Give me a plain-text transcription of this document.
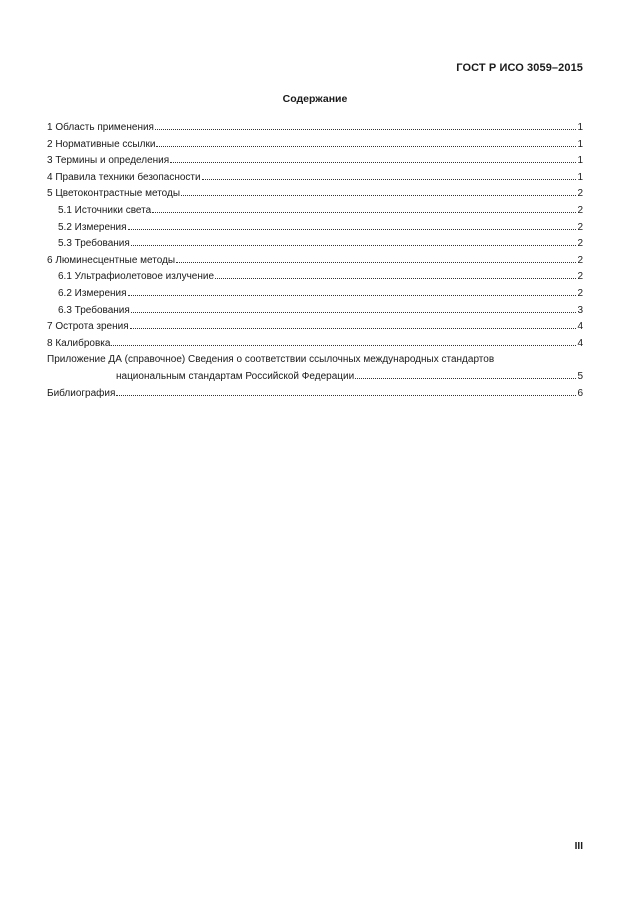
ГОСТ Р ИСО 3059–2015
Содержание
1 Область применения	1
2 Нормативные ссылки	1
3 Термины и определения	1
4 Правила техники безопасности	1
5 Цветоконтрастные методы	2
5.1 Источники света	2
5.2 Измерения	2
5.3 Требования	2
6 Люминесцентные методы	2
6.1 Ультрафиолетовое излучение	2
6.2 Измерения	2
6.3 Требования	3
7 Острота зрения	4
8 Калибровка	4
Приложение ДА (справочное) Сведения о соответствии ссылочных международных стандартов
национальным стандартам Российской Федерации	5
Библиография	6
III
